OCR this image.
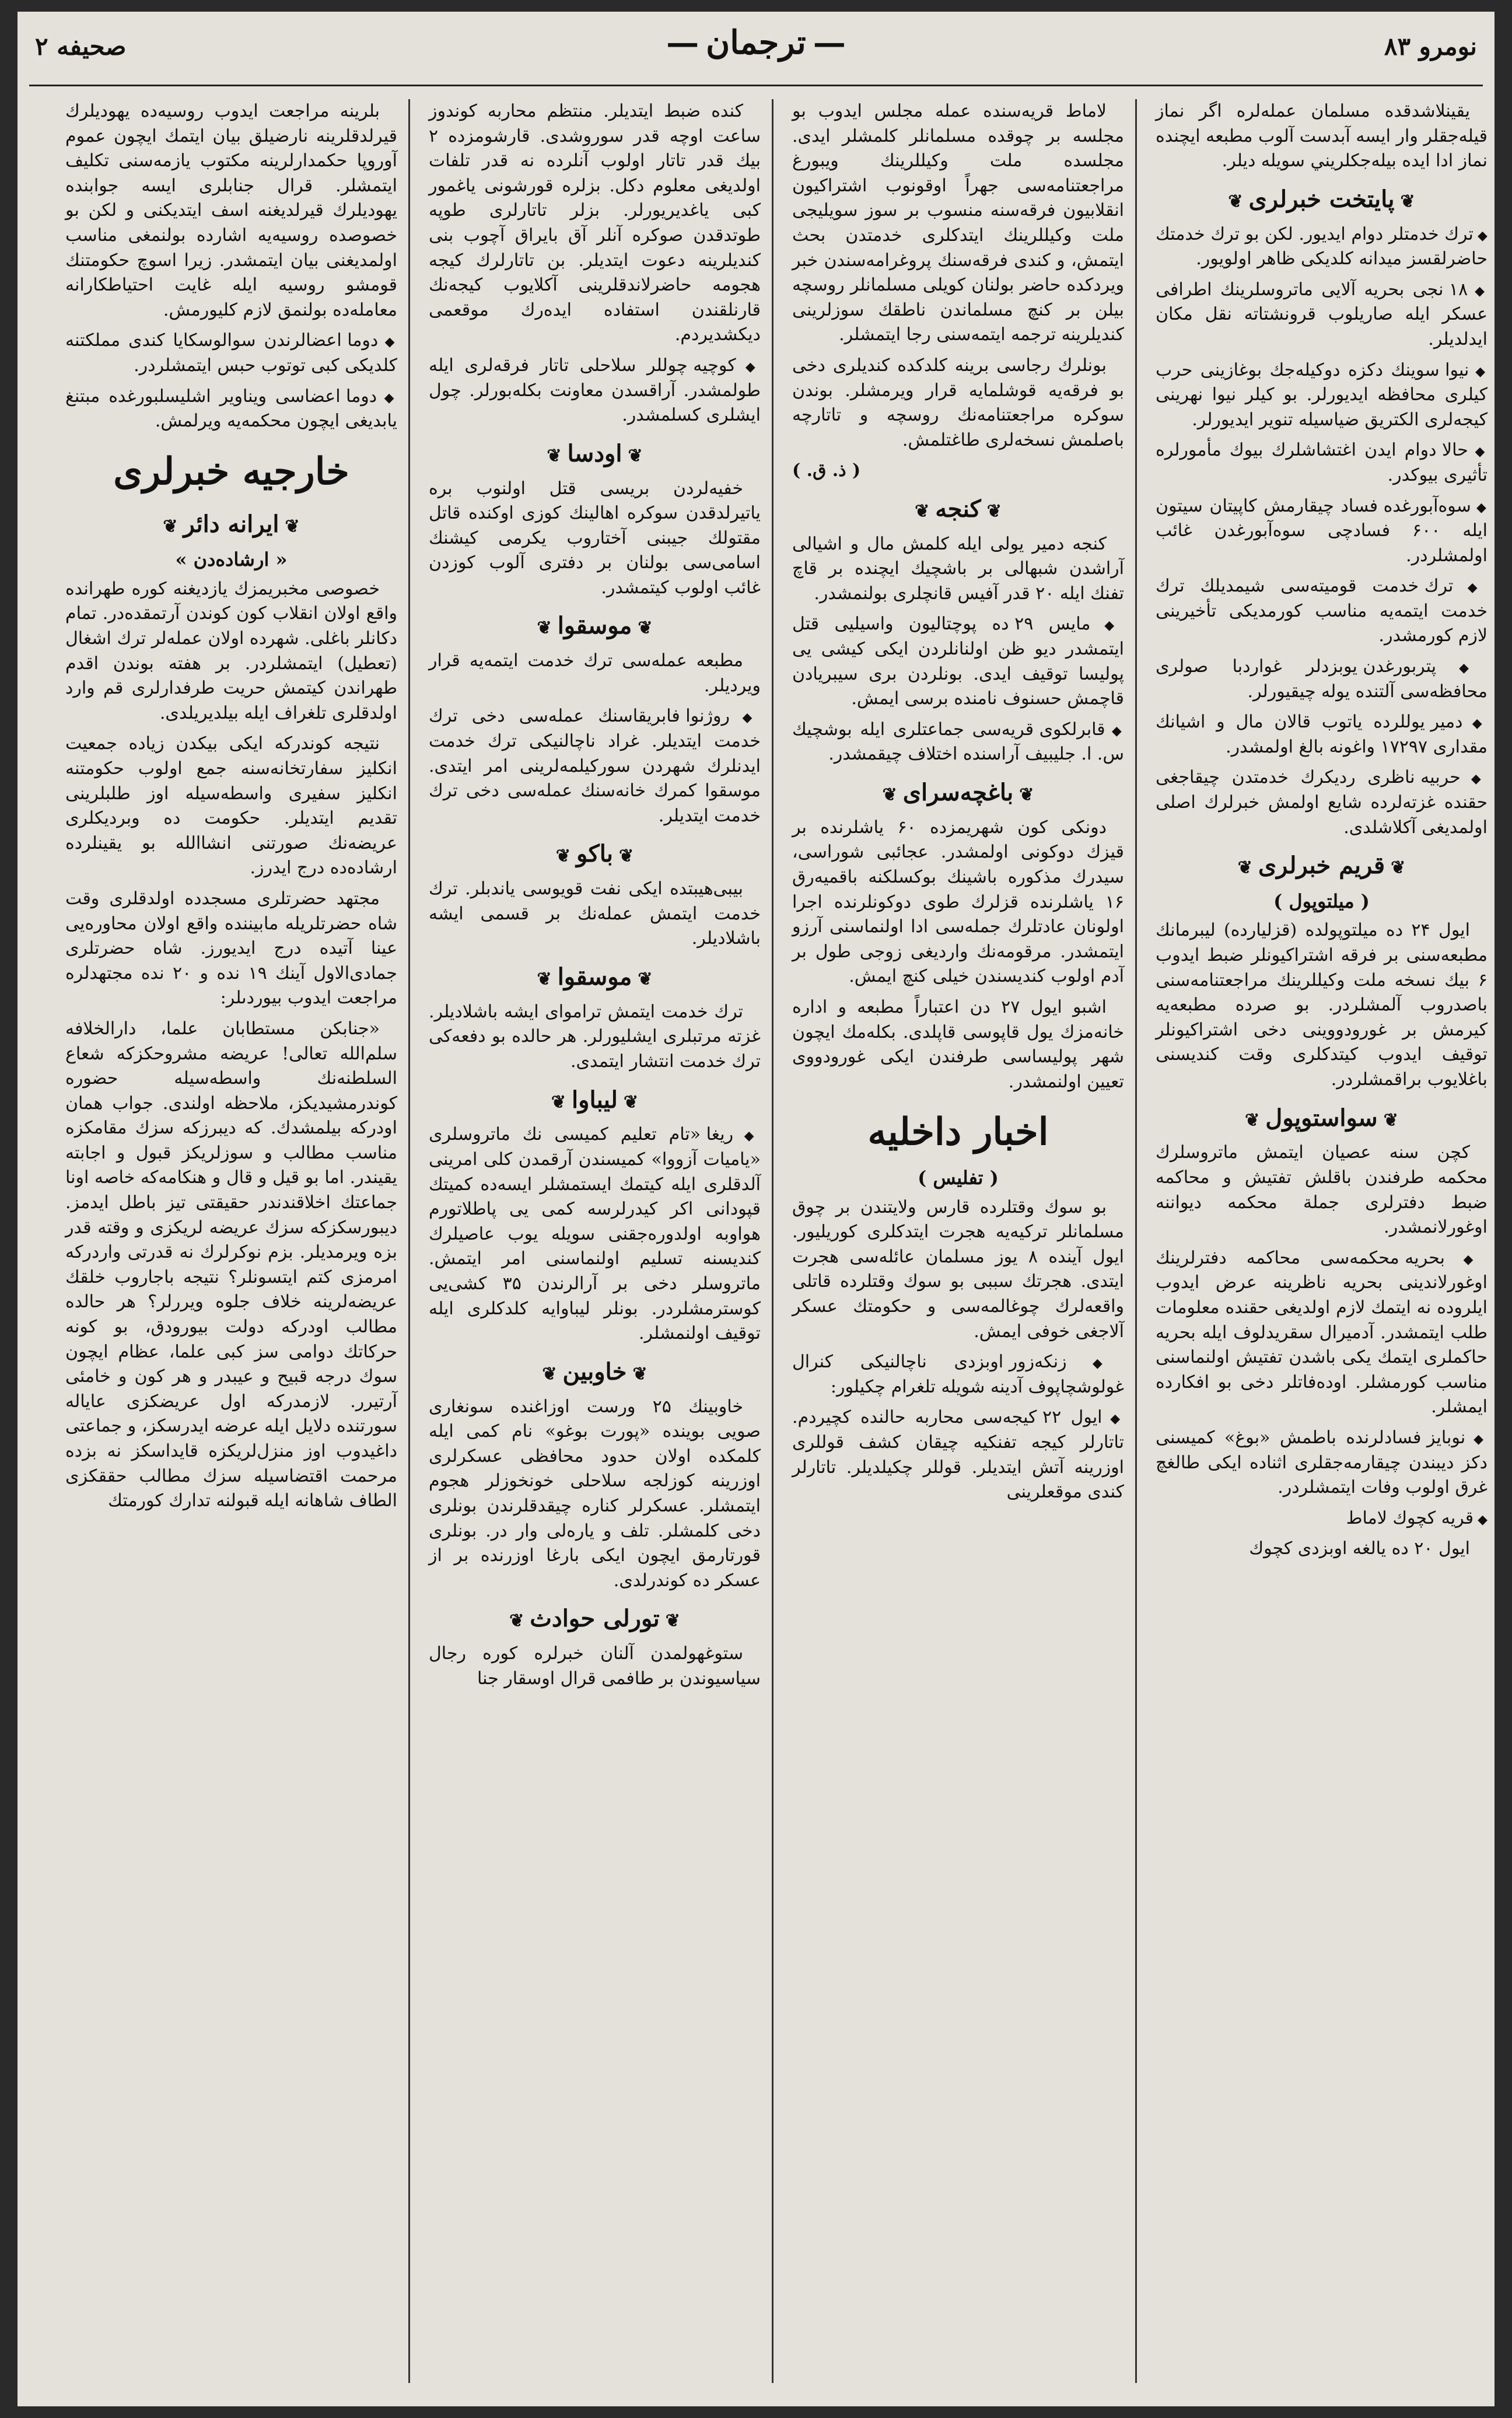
صحيفه ۲
—	ترجمان —	نومرو ۸۳

يقينلاشدقده مسلمان عمله‌لره اگر نماز قيله‌جقلر وار ايسه آبدست آلوب مطبعه ايچنده نماز ادا ايده بيله‌جكلريني سويله ديلر.

❦پايتخت خبرلرى❦
◆ ترك خدمتلر دوام ايديور. لكن بو ترك خدمتك حاضرلقسز ميدانه كلديكى ظاهر اولويور.
◆ ۱۸ نجى بحريه آلايى ماتروسلرينك اطرافى عسكر ايله صاريلوب قرونشتاته نقل مكان ايدلديلر.
◆ نيوا سوينك دكزه دوكيله‌جك بوغازينى حرب كيلرى محافظه ايديورلر. بو كيلر نيوا نهرينى كيجه‌لرى الكتريق ضياسيله تنوير ايديورلر.
◆ حالا دوام ايدن اغتشاشلرك بيوك مأمورلره تأثيرى بيوكدر.
◆ سوه‌آبورغده فساد چيقارمش كاپيتان سيتون ايله ۶۰۰ فسادچى سوه‌آبورغدن غائب اولمشلردر.
◆ ترك خدمت قوميته‌سى شيمديلك ترك خدمت ايتمه‌يه مناسب كورمديكى تأخيرينى لازم كورمشدر.
◆ پتربورغدن يوبزدلر غواردبا صولرى محافظه‌سى آلتنده يوله چيقيورلر.
◆ دمير يوللرده ياتوب قالان مال و اشيانك مقدارى ۱۷۲۹۷ واغونه بالغ اولمشدر.
◆ حربيه ناظرى رديكرك خدمتدن چيقاجغى حقنده غزته‌لرده شايع اولمش خبرلرك اصلى اولمديغى آكلاشلدى.
❦قريم خبرلرى❦
( ميلتوپول )

ايول ۲۴ ده ميلتوپولده (قزليارده) ليبرمانك مطبعه‌سنى بر فرقه اشتراكيونلر ضبط ايدوب ۶ بيك نسخه ملت وكيللرينك مراجعتنامه‌سنى باصدروب آلمشلردر. بو صرده مطبعه‌يه كيرمش بر غورودووينى دخى اشتراكيونلر توقيف ايدوب كيتدكلرى وقت كنديسنى باغلايوب براقمشلردر.

❦سواستوپول❦

كچن سنه عصيان ايتمش ماتروسلرك محكمه طرفندن باقلش تفتيش و محاكمه ضبط دفترلرى جملة محكمه ديواننه اوغورلانمشدر.

◆ بحريه محكمه‌سى محاكمه دفترلرينك اوغورلاندينى بحريه ناظرينه عرض ايدوب ايلروده نه ايتمك لازم اولديغى حقنده معلومات طلب ايتمشدر. آدميرال سقريدلوف ايله بحريه حاكملرى ايتمك يكى باشدن تفتيش اولنماسنى مناسب كورمشلر. اوده‌فاتلر دخى بو افكارده ايمشلر.
◆ نوبايز فسادلرنده باطمش «بوغ» كميسنى دكز ديبندن چيقارمه‌جقلرى اثناده ايكى طالغچ غرق اولوب وفات ايتمشلردر.
◆ قريه كچوك لاماط

ايول ۲۰ ده يالغه اوبزدى كچوك

لاماط قريه‌سنده عمله مجلس ايدوب بو مجلسه بر چوقده مسلمانلر كلمشلر ايدى. مجلسده ملت وكيللرينك ويبورغ مراجعتنامه‌سى جهراً اوقونوب اشتراكيون انقلابيون فرقه‌سنه منسوب بر سوز سويليجى ملت وكيللرينك ايتدكلرى خدمتدن بحث ايتمش، و كندى فرقه‌سنك پروغرامه‌سندن خبر ويردكده حاضر بولنان كويلى مسلمانلر روسچه بيلن بر كنچ مسلماندن ناطقك سوزلرينى كنديلرينه ترجمه ايتمه‌سنى رجا ايتمشلر.

بونلرك رجاسى برينه كلدكده كنديلرى دخى بو فرقه‌يه قوشلمايه قرار ويرمشلر. بوندن سوكره مراجعتنامه‌نك روسچه و تاتارچه باصلمش نسخه‌لرى طاغتلمش.

( ذ. ق. )
❦كنجه❦

كنجه دمير يولى ايله كلمش مال و اشيالى آراشدن شبهالى بر باشچيك ايچنده بر قاچ تفنك ايله ۲۰ قدر آفيس قانچلرى بولنمشدر.

◆ مايس ۲۹ ده پوچتاليون واسيليى قتل ايتمشدر ديو ظن اولنانلردن ايكى كيشى يى پوليسا توقيف ايدى. بونلردن برى سيبريادن قاچمش حسنوف نامنده برسى ايمش.
◆ قابرلكوى قريه‌سى جماعتلرى ايله بوشچيك س. ا. جليبيف آراسنده اختلاف چيقمشدر.
❦باغچه‌سراى❦

دونكى كون شهريمزده ۶۰ ياشلرنده بر قيزك دوكونى اولمشدر. عجائبى شوراسى، سيدرك مذكوره باشينك بوكسلكنه باقميه‌رق ۱۶ ياشلرنده قزلرك طوى دوكونلرنده اجرا اولونان عادتلرك جمله‌سى ادا اولنماسنى آرزو ايتمشدر. مرقومه‌نك وارديغى زوجى طول بر آدم اولوب كنديسندن خيلى كنچ ايمش.

اشبو ايول ۲۷ دن اعتباراً مطبعه و اداره خانه‌مزك يول قاپوسى قاپلدى. بكله‌مك ايچون شهر پوليساسى طرفندن ايكى غورودووى تعيين اولنمشدر.

اخبار داخليه
( تفليس )

بو سوك وقتلرده قارس ولايتندن بر چوق مسلمانلر تركيه‌يه هجرت ايتدكلرى كوريليور. ايول آينده ۸ يوز مسلمان عائله‌سى هجرت ايتدى. هجرتك سببى بو سوك وقتلرده قاتلى واقعه‌لرك چوغالمه‌سى و حكومتك عسكر آلاجغى خوفى ايمش.

◆ زنكه‌زور اوبزدى ناچالنيكى كنرال غولوشچاپوف آدينه شويله تلغرام چكيلور:
◆ ايول ۲۲ كيجه‌سى محاربه حالنده كچيردم. تاتارلر كيجه تفنكيه چيقان كشف قوللرى اوزرينه آتش ايتديلر. قوللر چكيلديلر. تاتارلر كندى موقعلرينى

كنده ضبط ايتديلر. منتظم محاربه كوندوز ساعت اوچه قدر سوروشدى. قارشومزده ۲ بيك قدر تاتار اولوب آنلرده نه قدر تلفات اولديغى معلوم دكل. بزلره قورشونى ياغمور كبى ياغديريورلر. بزلر تاتارلرى طوپه طوتدقدن صوكره آنلر آق بايراق آچوب بنى كنديلرينه دعوت ايتديلر. بن تاتارلرك كيجه هجومه حاضرلاندقلرينى آكلايوب كيجه‌نك قارنلقندن استفاده ايده‌رك موقعمى ديكشديردم.

◆ كوچيه چوللر سلاحلى تاتار فرقه‌لرى ايله طولمشدر. آراقسدن معاونت بكله‌بورلر. چول ايشلرى كسلمشدر.
❦اودسا❦

خفيه‌لردن بريسى قتل اولنوب بره ياتيرلدقدن سوكره اهالينك كوزى اوكنده قاتل مقتولك جيبنى آختاروب يكرمى كيشنك اسامى‌سى بولنان بر دفترى آلوب كوزدن غائب اولوب كيتمشدر.

❦موسقوا❦

مطبعه عمله‌سى ترك خدمت ايتمه‌يه قرار ويرديلر.

◆ روژنوا فابريقاسنك عمله‌سى دخى ترك خدمت ايتديلر. غراد ناچالنيكى ترك خدمت ايدنلرك شهردن سوركيلمه‌لرينى امر ايتدى. موسقوا كمرك خانه‌سنك عمله‌سى دخى ترك خدمت ايتديلر.
❦باكو❦

بيبى‌هيبتده ايكى نفت قويوسى ياندبلر. ترك خدمت ايتمش عمله‌نك بر قسمى ايشه باشلاديلر.

❦موسقوا❦

ترك خدمت ايتمش ترامواى ايشه باشلاديلر. غزته مرتبلرى ايشليورلر. هر حالده بو دفعه‌كى ترك خدمت انتشار ايتمدى.

❦ليباوا❦
◆ ريغا «تام تعليم كميسى نك ماتروسلرى «ياميات آزووا» كميسندن آرقمدن كلى امرينى آلدقلرى ايله كيتمك ايستمشلر ايسه‌ده كميتك قپودانى اكر كيدرلرسه كمى يى پاطلاتورم هواوبه اولدوره‌جقنى سويله يوب عاصيلرك كنديسنه تسليم اولنماسنى امر ايتمش. ماتروسلر دخى بر آرالرندن ۳۵ كشى‌يى كوسترمشلردر. بونلر ليباوايه كلدكلرى ايله توقيف اولنمشلر.
❦خاوبين❦

خاوبينك ۲۵ ورست اوزاغنده سونغارى صويى بوينده «پورت بوغو» نام كمى ايله كلمكده اولان حدود محافظى عسكرلرى اوزرينه كوزلجه سلاحلى خونخوزلر هجوم ايتمشلر. عسكرلر كناره چيقدقلرندن بونلرى دخى كلمشلر. تلف و يارەلى وار در. بونلرى قورتارمق ايچون ايكى بارغا اوزرنده بر از عسكر ده كوندرلدى.

❦تورلى حوادث❦

ستوغهولمدن آلنان خبرلره كوره رجال سياسيوندن بر طافمى قرال اوسقار جنا

بلرينه مراجعت ايدوب روسيه‌ده يهوديلرك قيرلدقلرينه نارضيلق بيان ايتمك ايچون عموم آوروپا حكمدارلرينه مكتوب يازمه‌سنى تكليف ايتمشلر. قرال جنابلرى ايسه جوابنده يهوديلرك قيرلديغنه اسف ايتديكنى و لكن بو خصوصده روسيه‌يه اشارده بولنمغى مناسب اولمديغنى بيان ايتمشدر. زيرا اسوچ حكومتنك قومشو روسيه ايله غايت احتياطكارانه معامله‌ده بولنمق لازم كليورمش.

◆ دوما اعضالرندن سوالوسكايا كندى مملكتنه كلديكى كبى توتوب حبس ايتمشلردر.
◆ دوما اعضاسى ويناوير اشليسلبورغده مبتنغ يابديغى ايچون محكمه‌يه ويرلمش.
خارجيه خبرلرى
❦ايرانه دائر❦
« ارشاده‌دن »

خصوصى مخبريمزك يازديغنه كوره طهرانده واقع اولان انقلاب كون كوندن آرتمقده‌در. تمام دكانلر باغلى. شهرده اولان عمله‌لر ترك اشغال (تعطيل) ايتمشلردر. بر هفته بوندن اقدم طهراندن كيتمش حريت طرفدارلرى قم وارد اولدقلرى تلغراف ايله بيلديريلدى.

نتيجه كوندركه ايكى بيكدن زياده جمعيت انكليز سفارتخانه‌سنه جمع اولوب حكومتنه انكليز سفيرى واسطه‌سيله اوز طلبلرينى تقديم ايتديلر. حكومت ده وبرديكلرى عريضه‌نك صورتنى انشاالله بو يقينلرده ارشاده‌ده درج ايدرز.

مجتهد حضرتلرى مسجدده اولدقلرى وقت شاه حضرتلريله مابيننده واقع اولان محاوره‌يى عينا آتيده درج ايديورز. شاه حضرتلرى جمادى‌الاول آينك ۱۹ نده و ۲۰ نده مجتهدلره مراجعت ايدوب بيوردىلر:

«جنابكن مستطابان علما، دارالخلافه سلم‌الله تعالى! عريضه مشروحكزكه شعاع السلطنه‌نك واسطه‌سيله حضوره كوندرمشيديكز، ملاحظه اولندى. جواب همان اودركه بيلمشدك. كه ديبرزكه سزك مقامكزه مناسب مطالب و سوزلريكز قبول و اجابته يقيندر. اما بو قيل و قال و هنكامه‌كه خاصه اونا جماعتك اخلاقندندر حقيقتى تيز باطل ايدمز. ديبورسكزكه سزك عريضه لريكزى و وقته قدر بزه ويرمديلر. بزم نوكرلرك نه قدرتى واردركه امرمزى كتم ايتسونلر؟ نتيجه باجاروب خلقك عريضه‌لرينه خلاف جلوه ويررلر؟ هر حالده مطالب اودركه دولت بيورودق، بو كونه حركاتك دوامى سز كبى علما، عظام ايچون سوك درجه قبيح و عيبدر و هر كون و خامئى آرتيرر. لازمدركه اول عريضكزى عاياله سورتنده دلايل ايله عرضه ايدرسكز، و جماعتى داغيدوب اوز منزل‌لريكزه قايداسكز نه بزده مرحمت اقتضاسيله سزك مطالب حققكزى الطاف شاهانه ايله قبولنه تدارك كورمتك
